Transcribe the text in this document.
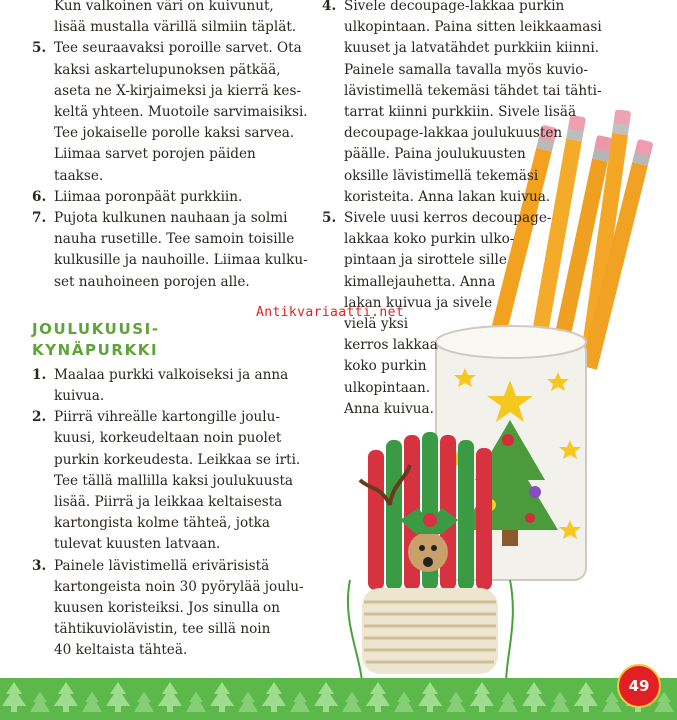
Kun valkoinen väri on kuivunut,
lisää mustalla värillä silmiin täplät.
5. Tee seuraavaksi poroille sarvet. Ota
kaksi askartelupunoksen pätkää,
aseta ne X-kirjaimeksi ja kierrä kes-
keltä yhteen. Muotoile sarvimaisiksi.
Tee jokaiselle porolle kaksi sarvea.
Liimaa sarvet porojen päiden
taakse.
6. Liimaa poronpäät purkkiin.
7. Pujota kulkunen nauhaan ja solmi
nauha rusetille. Tee samoin toisille
kulkusille ja nauhoille. Liimaa kulku-
set nauhoineen porojen alle.
JOULUKUUSI-
KYNÄPURKKI
1. Maalaa purkki valkoiseksi ja anna
kuivua.
2. Piirrä vihreälle kartongille joulu-
kuusi, korkeudeltaan noin puolet
purkin korkeudesta. Leikkaa se irti.
Tee tällä mallilla kaksi joulukuusta
lisää. Piirrä ja leikkaa keltaisesta
kartongista kolme tähteä, jotka
tulevat kuusten latvaan.
3. Painele lävistimellä erivärisistä
kartongeista noin 30 pyörylää joulu-
kuusen koristeiksi. Jos sinulla on
tähtikuviolävistin, tee sillä noin
40 keltaista tähteä.
4. Sivele decoupage-lakkaa purkin
ulkopintaan. Paina sitten leikkaamasi
kuuset ja latvatähdet purkkiin kiinni.
Painele samalla tavalla myös kuvio-
lävistimellä tekemäsi tähdet tai tähti-
tarrat kiinni purkkiin. Sivele lisää
decoupage-lakkaa joulukuusten
päälle. Paina joulukuusten
oksille lävistimellä tekemäsi
koristeita. Anna lakan kuivua.
5. Sivele uusi kerros decoupage-
lakkaa koko purkin ulko-
pintaan ja sirottele sille
kimallejauhetta. Anna
lakan kuivua ja sivele
vielä yksi
kerros lakkaa
koko purkin
ulkopintaan.
Anna kuivua.
Antikvariaatti.net
49
